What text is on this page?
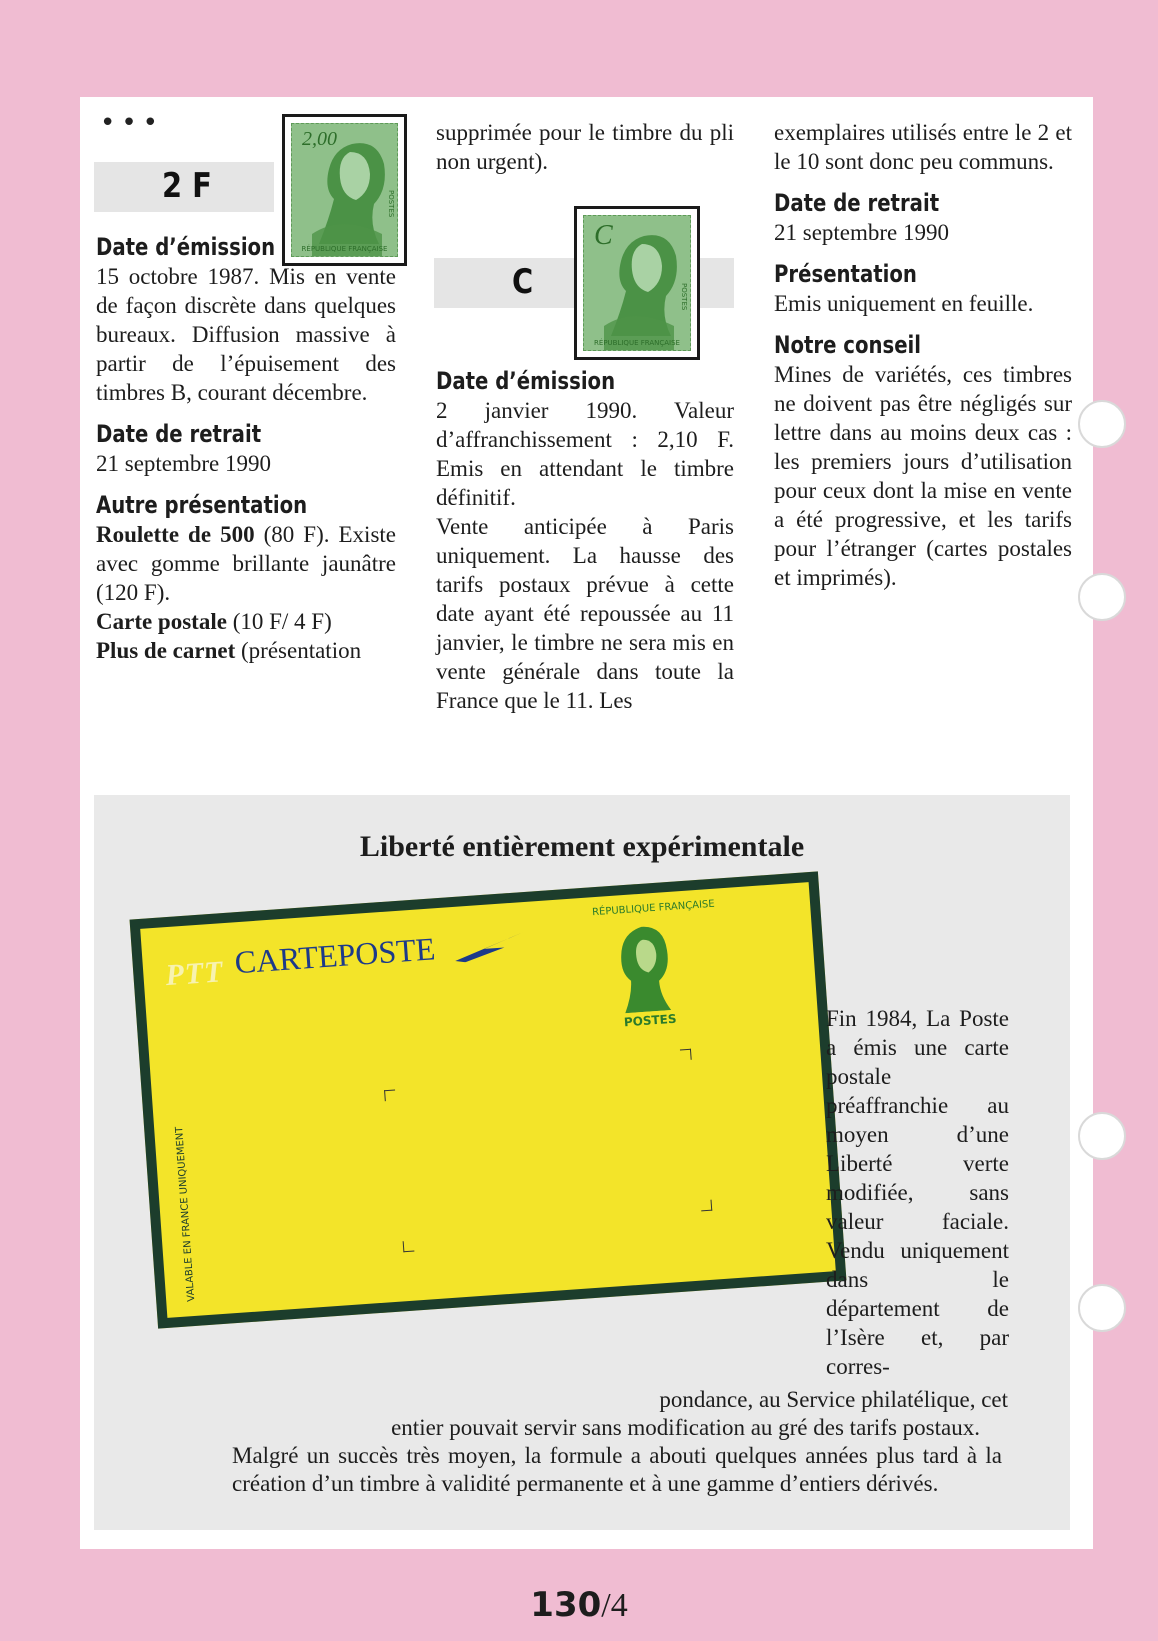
•••
2 F
2,00
RÉPUBLIQUE FRANÇAISE
POSTES
Date d’émission

15 octobre 1987. Mis en vente de façon discrète dans quelques bureaux. Diffusion massive à partir de l’épuisement des timbres B, courant décembre.

Date de retrait

21 septembre 1990

Autre présentation

Roulette de 500 (80 F). Existe avec gomme brillante jaunâtre (120 F).
Carte postale (10 F/ 4 F)
Plus de carnet (présentation

supprimée pour le timbre du pli non urgent).

C
C
RÉPUBLIQUE FRANÇAISE
POSTES
Date d’émission

2 janvier 1990. Valeur d’affranchissement : 2,10 F. Emis en attendant le timbre définitif.

Vente anticipée à Paris uniquement. La hausse des tarifs postaux prévue à cette date ayant été repoussée au 11 janvier, le timbre ne sera mis en vente générale dans toute la France que le 11. Les

exemplaires utilisés entre le 2 et le 10 sont donc peu communs.

Date de retrait

21 septembre 1990

Présentation

Emis uniquement en feuille.

Notre conseil

Mines de variétés, ces timbres ne doivent pas être négligés sur lettre dans au moins deux cas : les premiers jours d’utilisation pour ceux dont la mise en vente a été progressive, et les tarifs pour l’étranger (cartes postales et imprimés).

Liberté entièrement expérimentale
PTT CARTEPOSTE
RÉPUBLIQUE FRANÇAISE
POSTES
VALABLE EN FRANCE UNIQUEMENT
Fin 1984, La Poste a émis une carte postale préaffranchie au moyen d’une Liberté verte modifiée, sans valeur faciale. Vendu uniquement dans le département de l’Isère et, par corres-
pondance, au Service philatélique, cet
entier pouvait servir sans modification au gré des tarifs postaux.
Malgré un succès très moyen, la formule a abouti quelques années plus tard à la création d’un timbre à validité permanente et à une gamme d’entiers dérivés.
130/4
